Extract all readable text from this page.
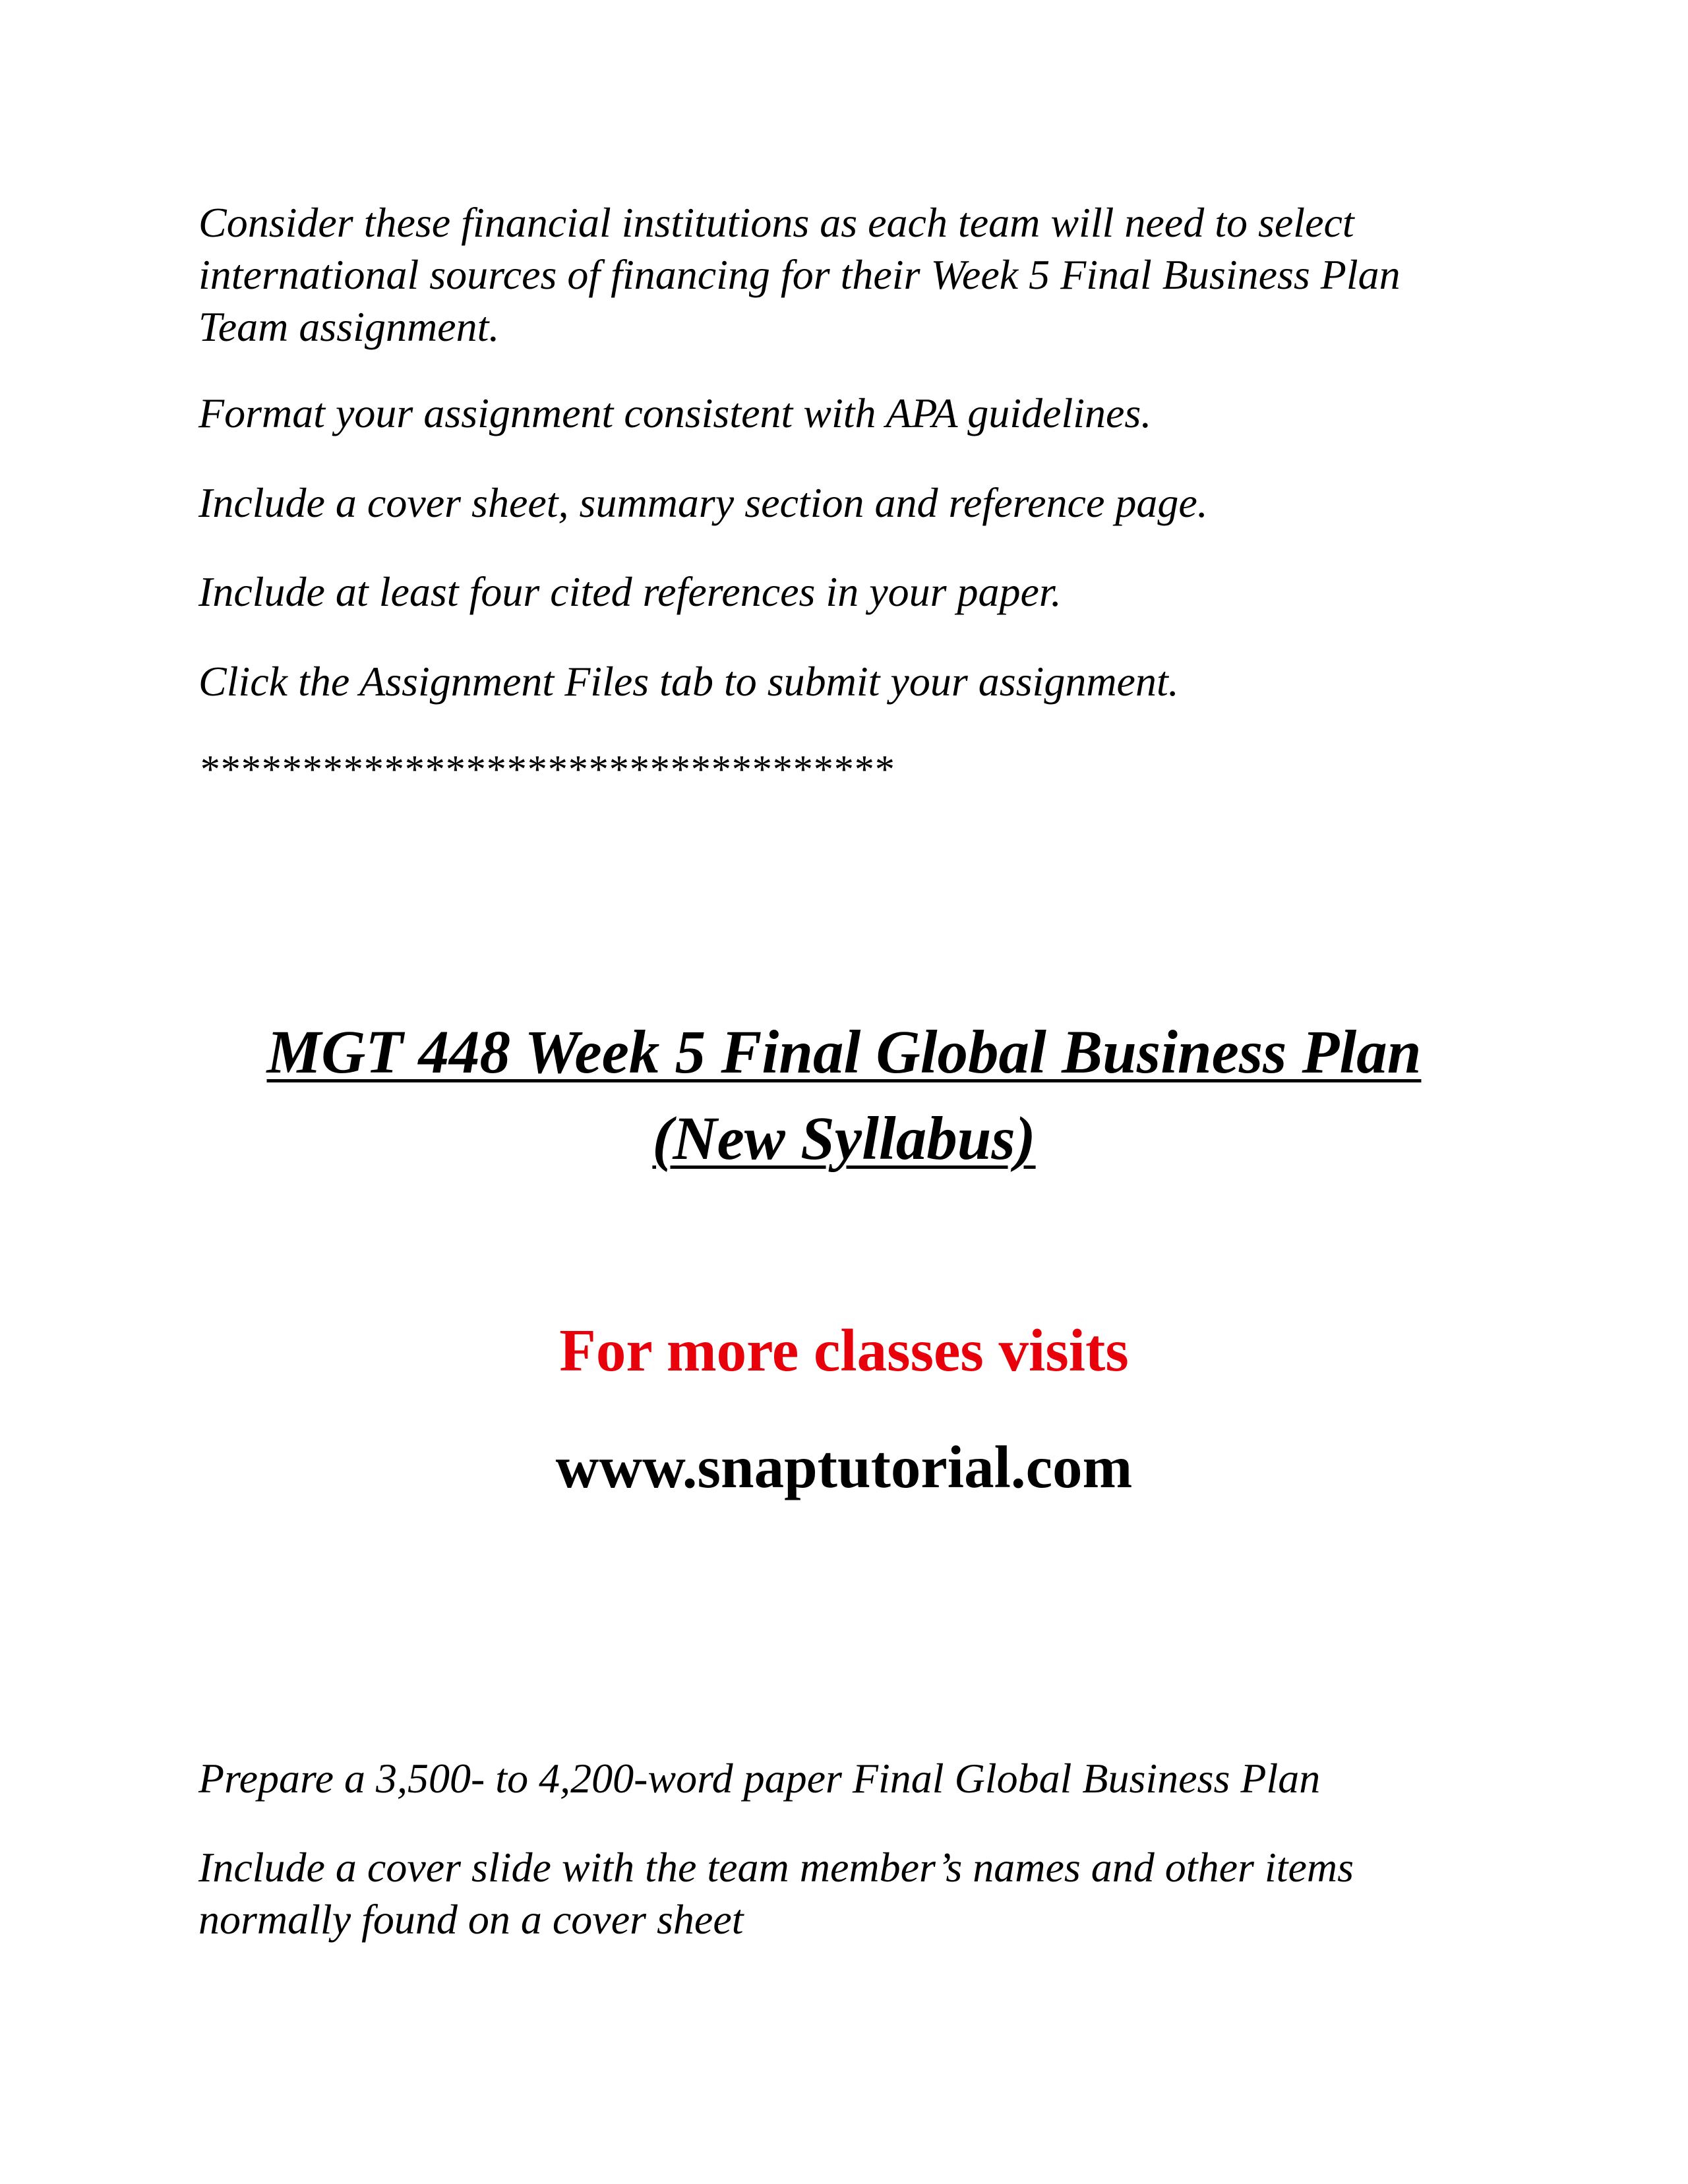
Consider these financial institutions as each team will need to select international sources of financing for their Week 5 Final Business Plan Team assignment.

Format your assignment consistent with APA guidelines.

Include a cover sheet, summary section and reference page.

Include at least four cited references in your paper.

Click the Assignment Files tab to submit your assignment.

**********************************

MGT 448 Week 5 Final Global Business Plan
(New Syllabus)

For more classes visits

www.snaptutorial.com

Prepare a 3,500- to 4,200-word paper Final Global Business Plan

Include a cover slide with the team member’s names and other items normally found on a cover sheet
